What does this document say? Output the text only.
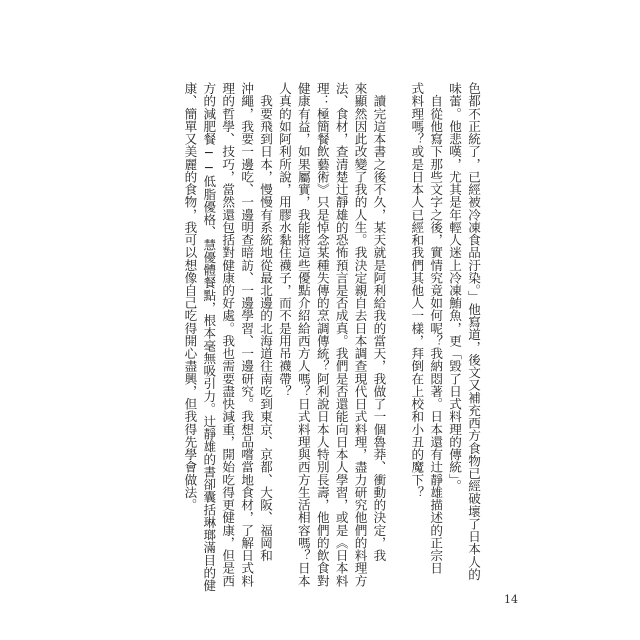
色都不正統了，已經被冷凍食品汙染。」他寫道，後文又補充西方食物已經破壞了日本人的
味蕾。他悲嘆，尤其是年輕人迷上冷凍鮪魚，更「毀了日式料理的傳統」。
　自從他寫下那些文字之後，實情究竟如何呢？我納悶著。日本還有辻靜雄描述的正宗日
式料理嗎？或是日本人已經和我們其他人一樣，拜倒在上校和小丑的魔下？
　讀完這本書之後不久，某天就是阿利給我的當天，我做了一個魯莽、衝動的決定，我
來顯然因此改變了我的人生。我決定親自去日本調查現代日式料理，盡力研究他們的料理方
法、食材，查清楚辻靜雄的恐怖預言是否成真。我們是否還能向日本人學習，或是《日本料
理：極簡餐飲藝術》只是悼念某種失傳的烹調傳統？阿利說日本人特別長壽，他們的飲食對
健康有益，如果屬實，我能將這些優點介紹給西方人嗎？日式料理與西方生活相容嗎？日本
人真的如阿利所說，用膠水黏住襪子，而不是用吊襪帶？
　我要飛到日本，慢慢有系統地從最北邊的北海道往南吃到東京、京都、大阪、福岡和
沖繩，我要一邊吃、一邊明查暗訪、一邊學習、一邊研究。我想品嚐當地食材，了解日式料
理的哲學、技巧，當然還包括對健康的好處。我也需要盡快減重，開始吃得更健康，但是西
方的減肥餐──低脂優格、慧優體餐點，根本毫無吸引力。辻靜雄的書卻囊括琳瑯滿目的健
康、簡單又美麗的食物，我可以想像自己吃得開心盡興，但我得先學會做法。
14
